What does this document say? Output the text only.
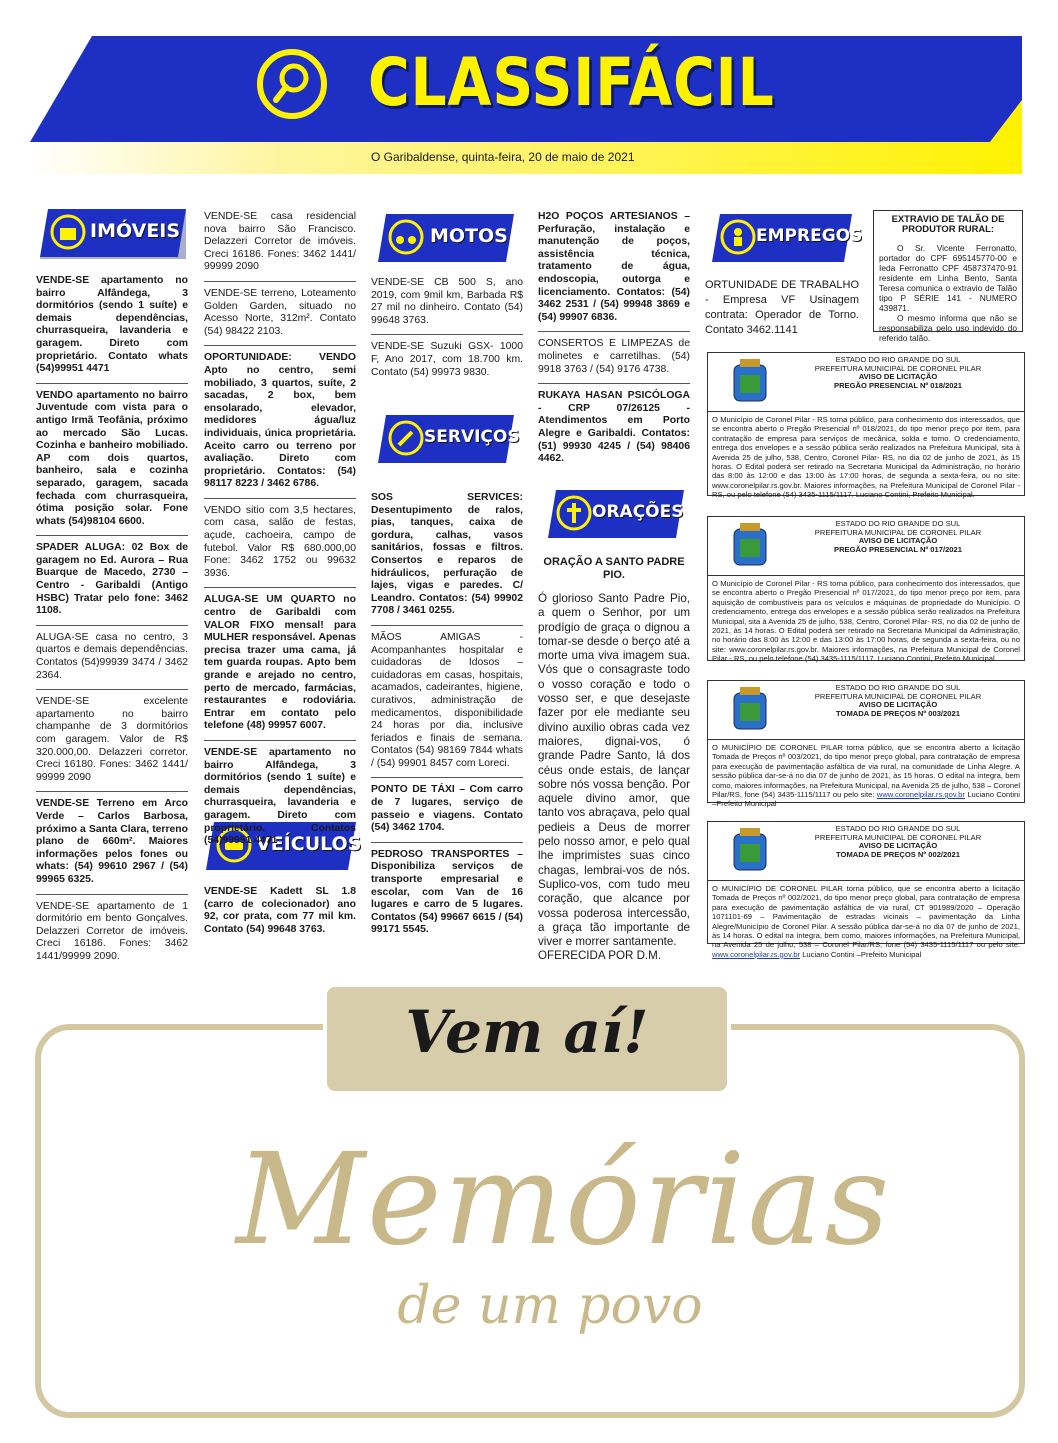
CLASSIFÁCIL
O Garibaldense, quinta-feira, 20 de maio de 2021
IMÓVEIS
VEÍCULOS
MOTOS
SERVIÇOS
ORAÇÕES
EMPREGOS

VENDE-SE apartamento no bairro Alfândega, 3 dormitórios (sendo 1 suíte) e demais dependências, churrasqueira, lavanderia e garagem. Direto com proprietário. Contato whats (54)99951 4471

VENDO apartamento no bairro Juventude com vista para o antigo Irmã Teofânia, próximo ao mercado São Lucas. Cozinha e banheiro mobiliado. AP com dois quartos, banheiro, sala e cozinha separado, garagem, sacada fechada com churrasqueira, ótima posição solar. Fone whats (54)98104 6600.

SPADER ALUGA: 02 Box de garagem no Ed. Aurora – Rua Buarque de Macedo, 2730 – Centro - Garibaldi (Antigo HSBC) Tratar pelo fone: 3462 1108.

ALUGA-SE casa no centro, 3 quartos e demais dependências. Contatos (54)99939 3474 / 3462 2364.

VENDE-SE excelente apartamento no bairro champanhe de 3 dormitórios com garagem. Valor de R$ 320.000,00. Delazzeri corretor. Creci 16180. Fones: 3462 1441/ 99999 2090

VENDE-SE Terreno em Arco Verde – Carlos Barbosa, próximo a Santa Clara, terreno plano de 660m². Maiores informações pelos fones ou whats: (54) 99610 2967 / (54) 99965 6325.

VENDE-SE apartamento de 1 dormitório em bento Gonçalves. Delazzeri Corretor de imóveis. Creci 16186. Fones: 3462 1441/99999 2090.

VENDE-SE casa residencial nova bairro São Francisco. Delazzeri Corretor de imóveis. Creci 16186. Fones: 3462 1441/ 99999 2090

VENDE-SE terreno, Loteamento Golden Garden, situado no Acesso Norte, 312m². Contato (54) 98422 2103.

OPORTUNIDADE: VENDO Apto no centro, semi mobiliado, 3 quartos, suíte, 2 sacadas, 2 box, bem ensolarado, elevador, medidores água/luz individuais, única proprietária. Aceito carro ou terreno por avaliação. Direto com proprietário. Contatos: (54) 98117 8223 / 3462 6786.

VENDO sitio com 3,5 hectares, com casa, salão de festas, açude, cachoeira, campo de futebol. Valor R$ 680.000,00 Fone: 3462 1752 ou 99632 3936.

ALUGA-SE UM QUARTO no centro de Garibaldi com VALOR FIXO mensal! para MULHER responsável. Apenas precisa trazer uma cama, já tem guarda roupas. Apto bem grande e arejado no centro, perto de mercado, farmácias, restaurantes e rodoviária. Entrar em contato pelo telefone (48) 99957 6007.

VENDE-SE apartamento no bairro Alfândega, 3 dormitórios (sendo 1 suíte) e demais dependências, churrasqueira, lavanderia e garagem. Direto com proprietário. Contatos (54)99951 4471

VENDE-SE Kadett SL 1.8 (carro de colecionador) ano 92, cor prata, com 77 mil km. Contato (54) 99648 3763.

VENDE-SE CB 500 S, ano 2019, com 9mil km, Barbada R$ 27 mil no dinheiro. Contato (54) 99648 3763.

VENDE-SE Suzuki GSX- 1000 F, Ano 2017, com 18.700 km. Contato (54) 99973 9830.

SOS SERVICES: Desentupimento de ralos, pias, tanques, caixa de gordura, calhas, vasos sanitários, fossas e filtros. Consertos e reparos de hidráulicos, perfuração de lajes, vigas e paredes. C/ Leandro. Contatos: (54) 99902 7708 / 3461 0255.

MÃOS AMIGAS - Acompanhantes hospitalar e cuidadoras de Idosos – cuidadoras em casas, hospitais, acamados, cadeirantes, higiene, curativos, administração de medicamentos, disponibilidade 24 horas por dia, inclusive feriados e finais de semana. Contatos (54) 98169 7844 whats / (54) 99901 8457 com Loreci.

PONTO DE TÁXI – Com carro de 7 lugares, serviço de passeio e viagens. Contato (54) 3462 1704.

PEDROSO TRANSPORTES – Disponibiliza serviços de transporte empresarial e escolar, com Van de 16 lugares e carro de 5 lugares. Contatos (54) 99667 6615 / (54) 99171 5545.

H2O POÇOS ARTESIANOS – Perfuração, instalação e manutenção de poços, assistência técnica, tratamento de água, endoscopia, outorga e licenciamento. Contatos: (54) 3462 2531 / (54) 99948 3869 e (54) 99907 6836.

CONSERTOS E LIMPEZAS de molinetes e carretilhas. (54) 9918 3763 / (54) 9176 4738.

RUKAYA HASAN PSICÓLOGA - CRP 07/26125 - Atendimentos em Porto Alegre e Garibaldi. Contatos: (51) 99930 4245 / (54) 98406 4462.

ORAÇÃO A SANTO PADRE PIO.

Ó glorioso Santo Padre Pio, a quem o Senhor, por um prodígio de graça o dignou a tomar-se desde o berço até a morte uma viva imagem sua. Vós que o consagraste todo o vosso coração e todo o vosso ser, e que desejaste fazer por ele mediante seu divino auxilio obras cada vez maiores, dignai-vos, ó grande Padre Santo, lá dos céus onde estais, de lançar sobre nós vossa benção. Por aquele divino amor, que tanto vos abraçava, pelo qual pedieis a Deus de morrer pelo nosso amor, e pelo qual lhe imprimistes suas cinco chagas, lembrai-vos de nós. Suplico-vos, com tudo meu coração, que alcance por vossa poderosa intercessão, a graça tão importante de viver e morrer santamente.

OFERECIDA POR D.M.

ORTUNIDADE DE TRABALHO - Empresa VF Usinagem contrata: Operador de Torno. Contato 3462.1141

EXTRAVIO DE TALÃO DE PRODUTOR RURAL:
O Sr. Vicente Ferronatto, portador do CPF 695145770-00 e Ieda Ferronatto CPF 458737470-91 residente em Linha Bento, Santa Teresa comunica o extravio de Talão tipo P SÉRIE 141 - NUMERO 439871.
O mesmo informa que não se responsabiliza pelo uso indevido do referido talão.
ESTADO DO RIO GRANDE DO SUL
PREFEITURA MUNICIPAL DE CORONEL PILAR
AVISO DE LICITAÇÃO
PREGÃO PRESENCIAL Nº 018/2021
O Município de Coronel Pilar - RS torna público, para conhecimento dos interessados, que se encontra aberto o Pregão Presencial nº 018/2021, do tipo menor preço por item, para contratação de empresa para serviços de mecânica, solda e torno. O credenciamento, entrega dos envelopes e a sessão pública serão realizados na Prefeitura Municipal, sita à Avenida 25 de julho, 538, Centro, Coronel Pilar- RS, no dia 02 de junho de 2021, às 15 horas. O Edital poderá ser retirado na Secretaria Municipal da Administração, no horário das 8:00 às 12:00 e das 13:00 às 17:00 horas, de segunda a sexta-feira, ou no site: www.coronelpilar.rs.gov.br. Maiores informações, na Prefeitura Municipal de Coronel Pilar - RS, ou pelo telefone (54) 3435-1115/1117. Luciano Contini, Prefeito Municipal.
ESTADO DO RIO GRANDE DO SUL
PREFEITURA MUNICIPAL DE CORONEL PILAR
AVISO DE LICITAÇÃO
PREGÃO PRESENCIAL Nº 017/2021
O Município de Coronel Pilar - RS torna público, para conhecimento dos interessados, que se encontra aberto o Pregão Presencial nº 017/2021, do tipo menor preço por item, para aquisição de combustíveis para os veículos e máquinas de propriedade do Município. O credenciamento, entrega dos envelopes e a sessão pública serão realizados na Prefeitura Municipal, sita à Avenida 25 de julho, 538, Centro, Coronel Pilar- RS, no dia 02 de junho de 2021, às 14 horas. O Edital poderá ser retirado na Secretaria Municipal da Administração, no horário das 8:00 às 12:00 e das 13:00 às 17:00 horas, de segunda a sexta-feira, ou no site: www.coronelpilar.rs.gov.br. Maiores informações, na Prefeitura Municipal de Coronel Pilar - RS, ou pelo telefone (54) 3435-1115/1117. Luciano Contini, Prefeito Municipal.
ESTADO DO RIO GRANDE DO SUL
PREFEITURA MUNICIPAL DE CORONEL PILAR
AVISO DE LICITAÇÃO
TOMADA DE PREÇOS Nº 003/2021
O MUNICÍPIO DE CORONEL PILAR torna público, que se encontra aberto a licitação Tomada de Preços nº 003/2021, do tipo menor preço global, para contratação de empresa para execução de pavimentação asfáltica de via rural, na comunidade de Linha Alegre. A sessão pública dar-se-á no dia 07 de junho de 2021, às 15 horas. O edital na íntegra, bem como, maiores informações, na Prefeitura Municipal, na Avenida 25 de julho, 538 – Coronel Pilar/RS, fone (54) 3435-1115/1117 ou pelo site: www.coronelpilar.rs.gov.br Luciano Contini –Prefeito Municipal
ESTADO DO RIO GRANDE DO SUL
PREFEITURA MUNICIPAL DE CORONEL PILAR
AVISO DE LICITAÇÃO
TOMADA DE PREÇOS Nº 002/2021
O MUNICÍPIO DE CORONEL PILAR torna público, que se encontra aberto a licitação Tomada de Preços nº 002/2021, do tipo menor preço global, para contratação de empresa para execução de pavimentação asfáltica de via rural, CT 901989/2020 – Operação 1071101-69 – Pavimentação de estradas vicinais – pavimentação da Linha Alegre/Município de Coronel Pilar. A sessão pública dar-se-á no dia 07 de junho de 2021, às 14 horas. O edital na íntegra, bem como, maiores informações, na Prefeitura Municipal, na Avenida 25 de julho, 538 – Coronel Pilar/RS, fone (54) 3435-1115/1117 ou pelo site: www.coronelpilar.rs.gov.br Luciano Contini –Prefeito Municipal
Vem aí!
Memórias
de um povo
